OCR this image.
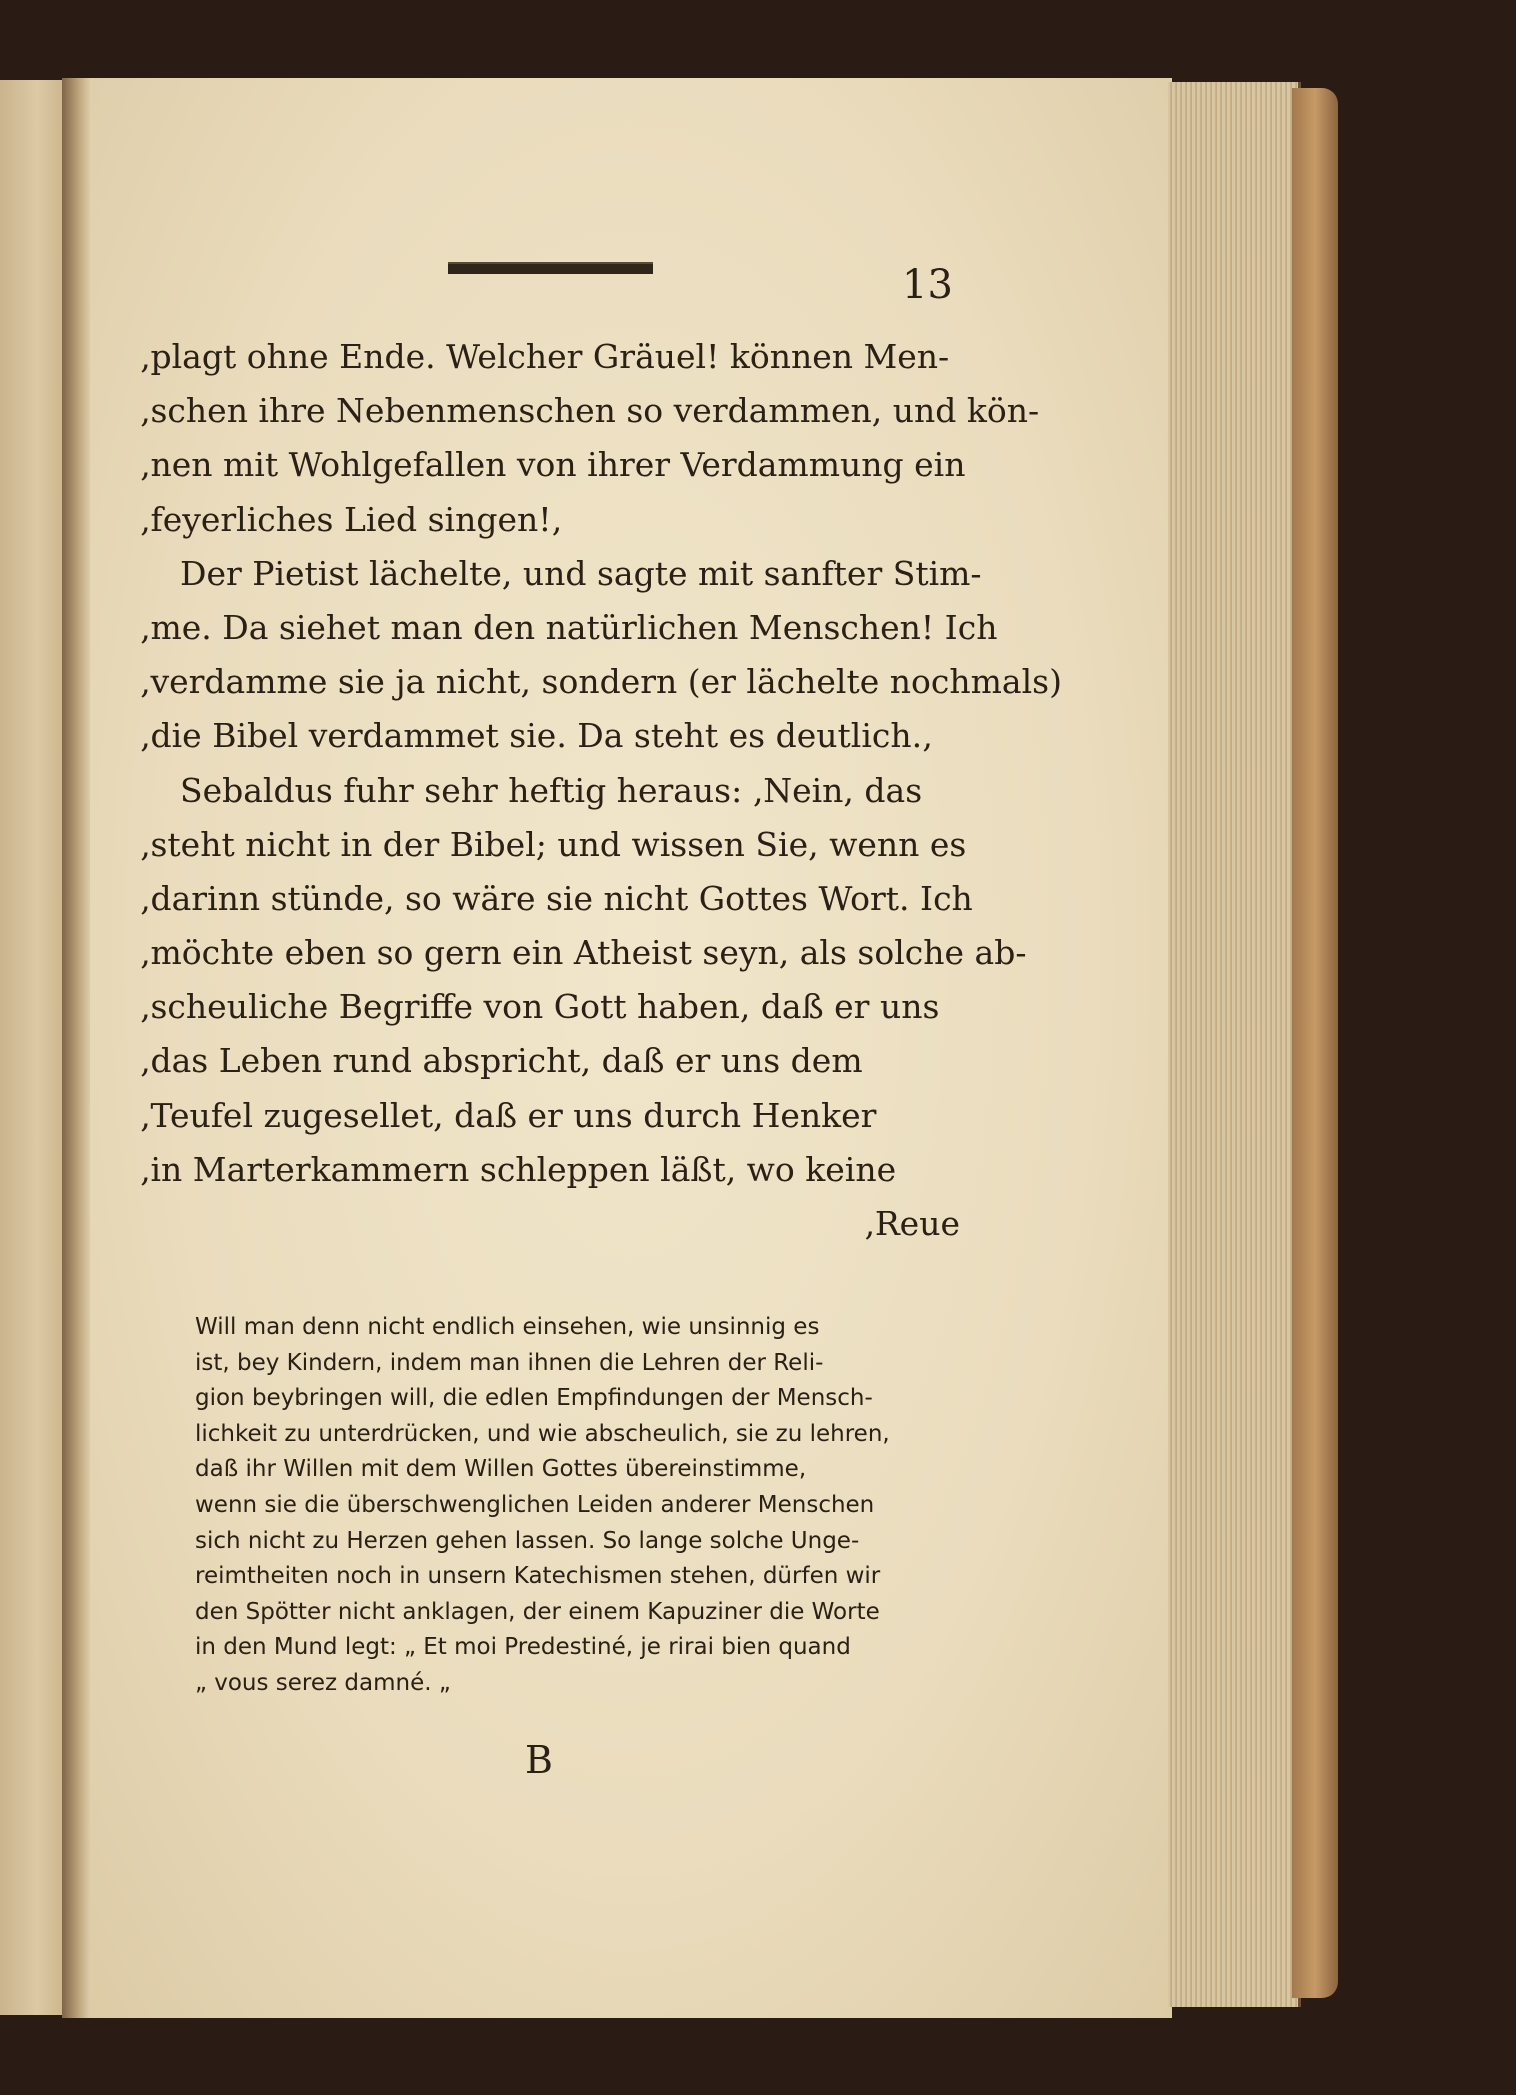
13
‚plagt ohne Ende. Welcher Gräuel! können Men‐
‚schen ihre Nebenmenschen so verdammen, und kön‐
‚nen mit Wohlgefallen von ihrer Verdammung ein
‚feyerliches Lied singen!‚
Der Pietist lächelte, und sagte mit sanfter Stim‐
‚me. Da siehet man den natürlichen Menschen! Ich
‚verdamme sie ja nicht, sondern (er lächelte nochmals)
‚die Bibel verdammet sie. Da steht es deutlich.‚
Sebaldus fuhr sehr heftig heraus: ‚Nein, das
‚steht nicht in der Bibel; und wissen Sie, wenn es
‚darinn stünde, so wäre sie nicht Gottes Wort. Ich
‚möchte eben so gern ein Atheist seyn, als solche ab‐
‚scheuliche Begriffe von Gott haben, daß er uns
‚das Leben rund abspricht, daß er uns dem
‚Teufel zugesellet, daß er uns durch Henker
‚in Marterkammern schleppen läßt, wo keine
‚Reue
Will man denn nicht endlich einsehen, wie unsinnig es
ist, bey Kindern, indem man ihnen die Lehren der Reli‐
gion beybringen will, die edlen Empfindungen der Mensch‐
lichkeit zu unterdrücken, und wie abscheulich, sie zu lehren,
daß ihr Willen mit dem Willen Gottes übereinstimme,
wenn sie die überschwenglichen Leiden anderer Menschen
sich nicht zu Herzen gehen lassen. So lange solche Unge‐
reimtheiten noch in unsern Katechismen stehen, dürfen wir
den Spötter nicht anklagen, der einem Kapuziner die Worte
in den Mund legt: „ Et moi Predestiné, je rirai bien quand
„ vous serez damné. „
B
